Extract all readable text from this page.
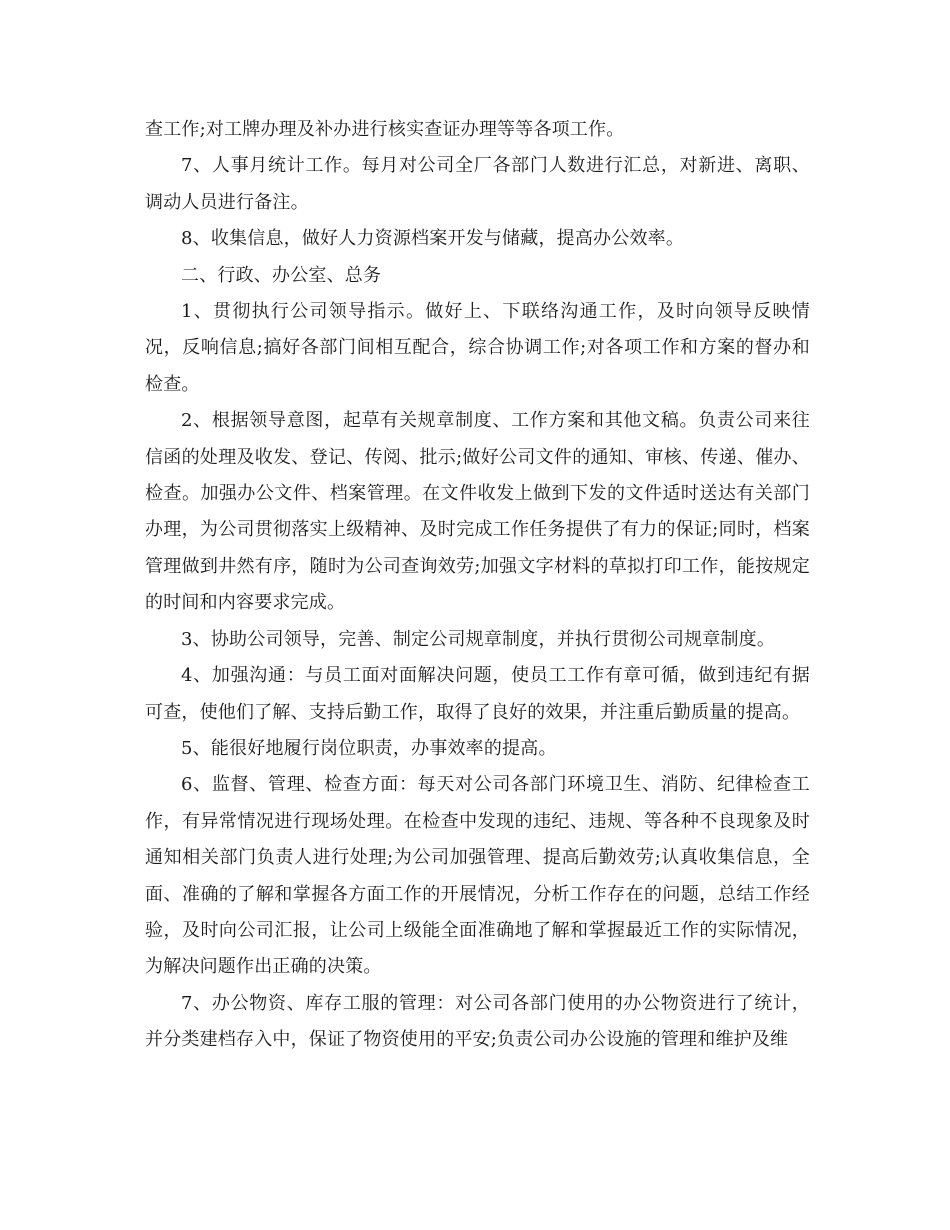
查工作;对工牌办理及补办进行核实查证办理等等各项工作。

7、人事月统计工作。每月对公司全厂各部门人数进行汇总，对新进、离职、调动人员进行备注。

8、收集信息，做好人力资源档案开发与储藏，提高办公效率。

二、行政、办公室、总务

1、贯彻执行公司领导指示。做好上、下联络沟通工作，及时向领导反映情况，反响信息;搞好各部门间相互配合，综合协调工作;对各项工作和方案的督办和检查。

2、根据领导意图，起草有关规章制度、工作方案和其他文稿。负责公司来往信函的处理及收发、登记、传阅、批示;做好公司文件的通知、审核、传递、催办、检查。加强办公文件、档案管理。在文件收发上做到下发的文件适时送达有关部门办理，为公司贯彻落实上级精神、及时完成工作任务提供了有力的保证;同时，档案管理做到井然有序，随时为公司查询效劳;加强文字材料的草拟打印工作，能按规定的时间和内容要求完成。

3、协助公司领导，完善、制定公司规章制度，并执行贯彻公司规章制度。

4、加强沟通：与员工面对面解决问题，使员工工作有章可循，做到违纪有据可查，使他们了解、支持后勤工作，取得了良好的效果，并注重后勤质量的提高。

5、能很好地履行岗位职责，办事效率的提高。

6、监督、管理、检查方面：每天对公司各部门环境卫生、消防、纪律检查工作，有异常情况进行现场处理。在检查中发现的违纪、违规、等各种不良现象及时通知相关部门负责人进行处理;为公司加强管理、提高后勤效劳;认真收集信息，全面、准确的了解和掌握各方面工作的开展情况，分析工作存在的问题，总结工作经验，及时向公司汇报，让公司上级能全面准确地了解和掌握最近工作的实际情况，为解决问题作出正确的决策。

7、办公物资、库存工服的管理：对公司各部门使用的办公物资进行了统计，并分类建档存入中，保证了物资使用的平安;负责公司办公设施的管理和维护及维
